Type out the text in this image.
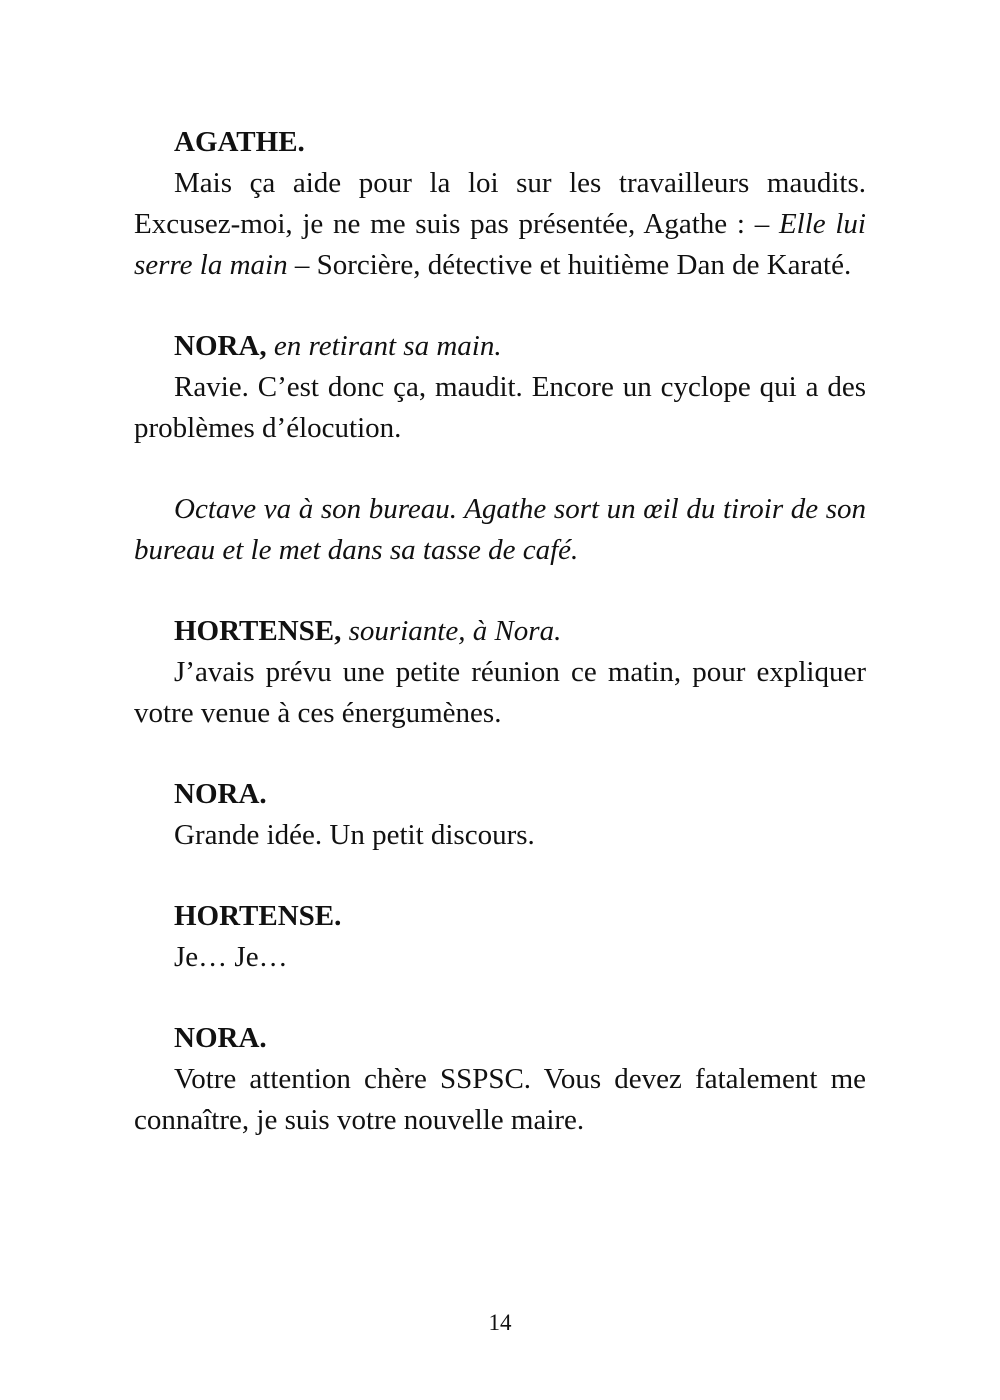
AGATHE.

Mais ça aide pour la loi sur les travailleurs maudits. Excusez-moi, je ne me suis pas présentée, Agathe : – Elle lui serre la main – Sorcière, détective et huitième Dan de Karaté.

NORA, en retirant sa main.

Ravie. C’est donc ça, maudit. Encore un cyclope qui a des problèmes d’élocution.

Octave va à son bureau. Agathe sort un œil du tiroir de son bureau et le met dans sa tasse de café.

HORTENSE, souriante, à Nora.

J’avais prévu une petite réunion ce matin, pour expliquer votre venue à ces énergumènes.

NORA.

Grande idée. Un petit discours.

HORTENSE.

Je… Je…

NORA.

Votre attention chère SSPSC. Vous devez fatalement me connaître, je suis votre nouvelle maire.

14
